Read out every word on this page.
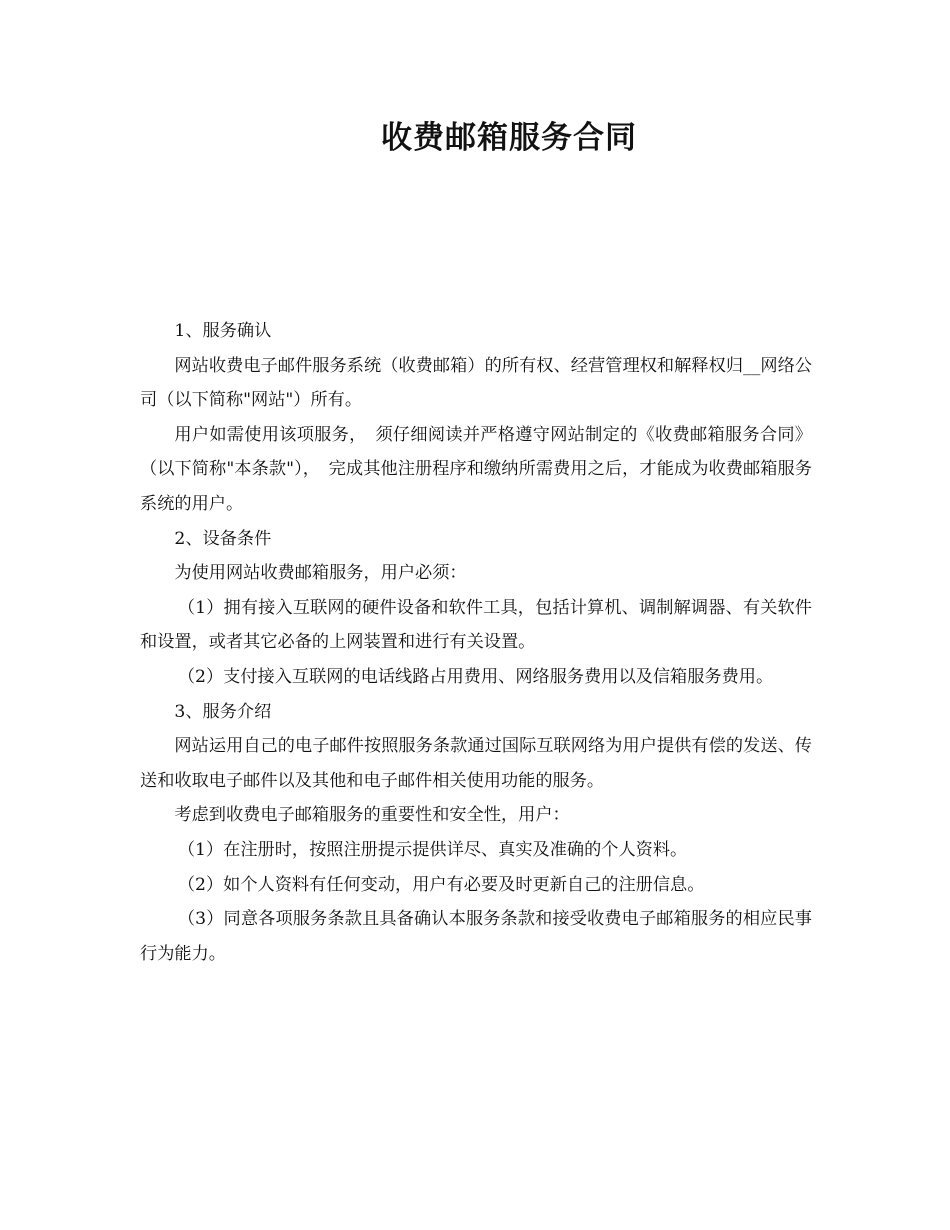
收费邮箱服务合同

1、服务确认

网站收费电子邮件服务系统（收费邮箱）的所有权、经营管理权和解释权归__网络公司（以下简称"网站"）所有。

用户如需使用该项服务，　须仔细阅读并严格遵守网站制定的《收费邮箱服务合同》（以下简称"本条款"），　完成其他注册程序和缴纳所需费用之后，才能成为收费邮箱服务系统的用户。

2、设备条件

为使用网站收费邮箱服务，用户必须：

（1）拥有接入互联网的硬件设备和软件工具，包括计算机、调制解调器、有关软件和设置，或者其它必备的上网装置和进行有关设置。

（2）支付接入互联网的电话线路占用费用、网络服务费用以及信箱服务费用。

3、服务介绍

网站运用自己的电子邮件按照服务条款通过国际互联网络为用户提供有偿的发送、传送和收取电子邮件以及其他和电子邮件相关使用功能的服务。

考虑到收费电子邮箱服务的重要性和安全性，用户：

（1）在注册时，按照注册提示提供详尽、真实及准确的个人资料。

（2）如个人资料有任何变动，用户有必要及时更新自己的注册信息。

（3）同意各项服务条款且具备确认本服务条款和接受收费电子邮箱服务的相应民事行为能力。
